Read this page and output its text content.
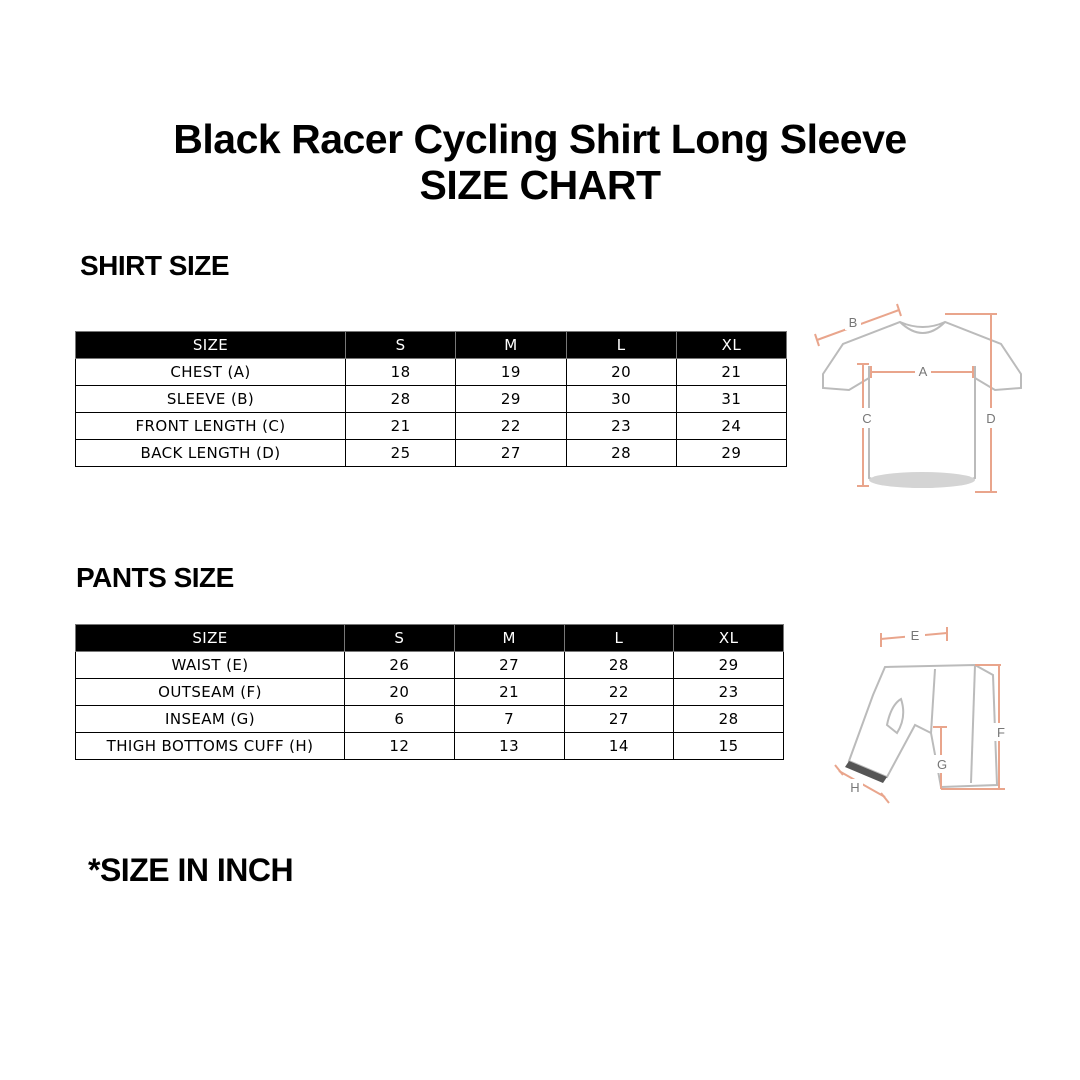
Black Racer Cycling Shirt Long Sleeve
SIZE CHART
SHIRT SIZE
SIZE	S	M	L	XL
CHEST (A)	18	19	20	21
SLEEVE (B)	28	29	30	31
FRONT LENGTH (C)	21	22	23	24
BACK LENGTH (D)	25	27	28	29
B
A
C	D
PANTS SIZE
SIZE	S	M	L	XL
WAIST (E)	26	27	28	29
OUTSEAM (F)	20	21	22	23
INSEAM (G)	6	7	27	28
THIGH BOTTOMS CUFF (H)	12	13	14	15
E
F
G
H
*SIZE IN INCH
